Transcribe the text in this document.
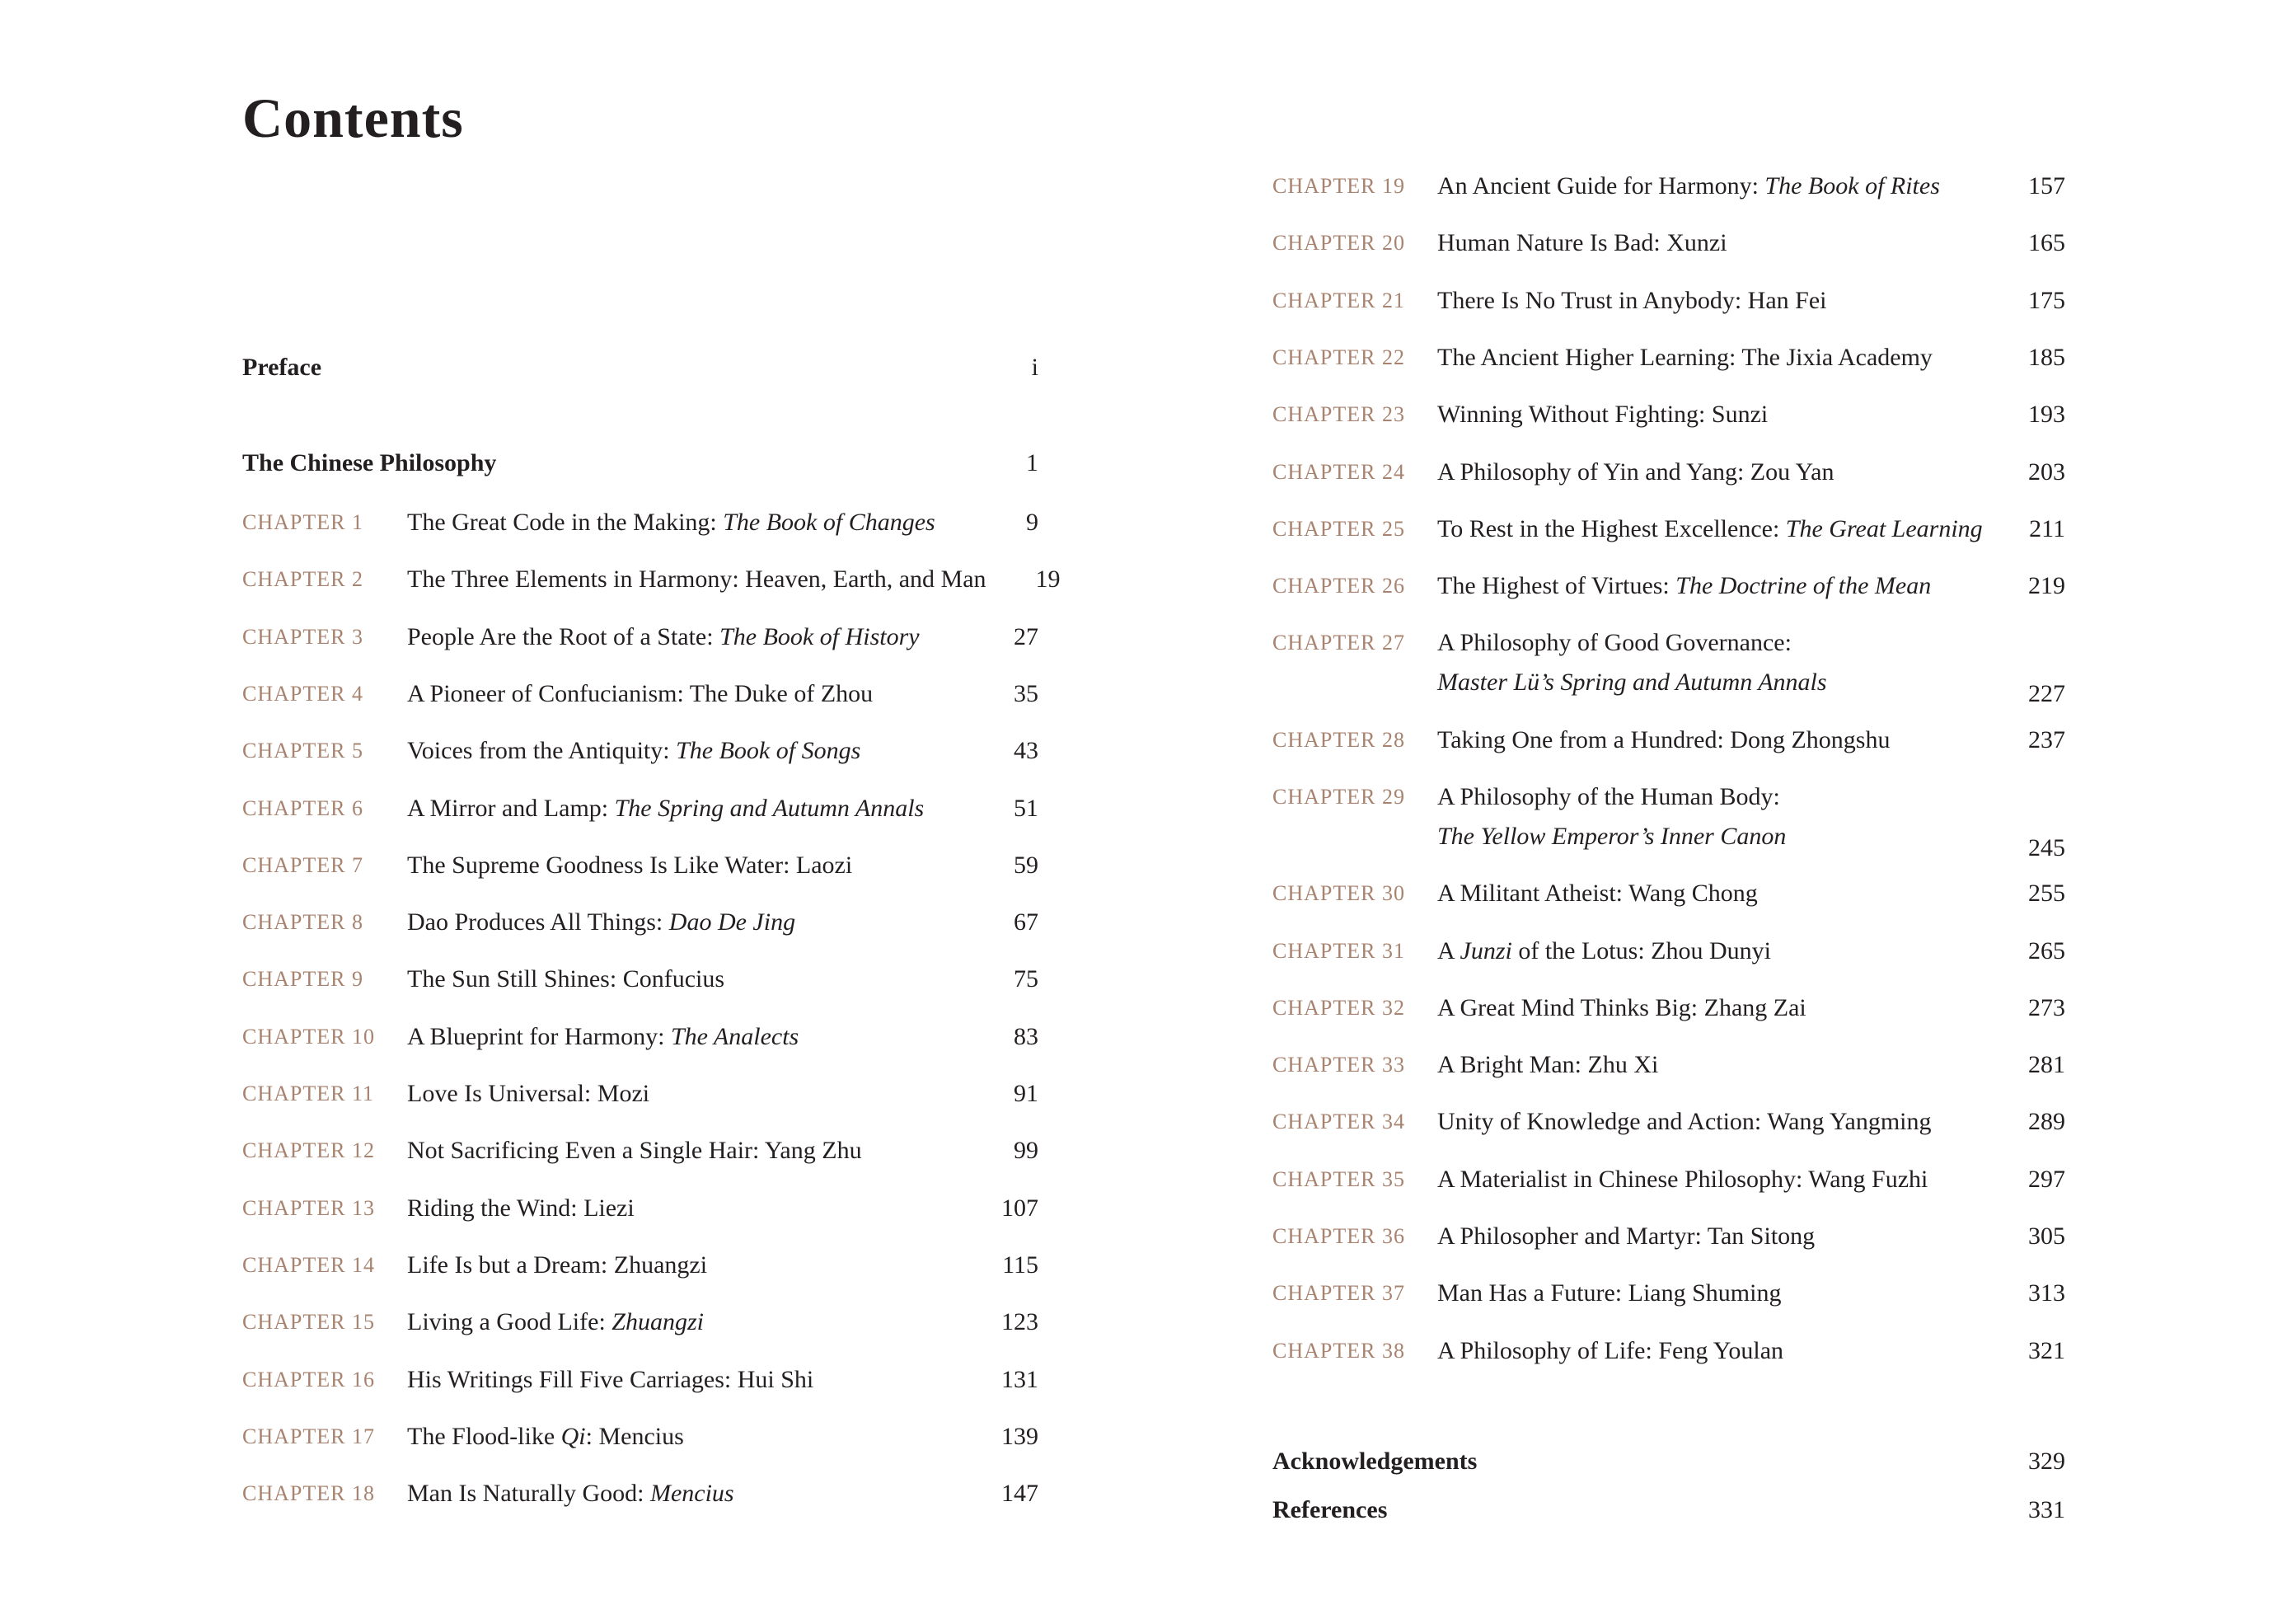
Contents
Preface	i
The Chinese Philosophy	1
CHAPTER 1	The Great Code in the Making: The Book of Changes	9
CHAPTER 2	The Three Elements in Harmony: Heaven, Earth, and Man	19
CHAPTER 3	People Are the Root of a State: The Book of History	27
CHAPTER 4	A Pioneer of Confucianism: The Duke of Zhou	35
CHAPTER 5	Voices from the Antiquity: The Book of Songs	43
CHAPTER 6	A Mirror and Lamp: The Spring and Autumn Annals	51
CHAPTER 7	The Supreme Goodness Is Like Water: Laozi	59
CHAPTER 8	Dao Produces All Things: Dao De Jing	67
CHAPTER 9	The Sun Still Shines: Confucius	75
CHAPTER 10	A Blueprint for Harmony: The Analects	83
CHAPTER 11	Love Is Universal: Mozi	91
CHAPTER 12	Not Sacrificing Even a Single Hair: Yang Zhu	99
CHAPTER 13	Riding the Wind: Liezi	107
CHAPTER 14	Life Is but a Dream: Zhuangzi	115
CHAPTER 15	Living a Good Life: Zhuangzi	123
CHAPTER 16	His Writings Fill Five Carriages: Hui Shi	131
CHAPTER 17	The Flood-like Qi: Mencius	139
CHAPTER 18	Man Is Naturally Good: Mencius	147
CHAPTER 19	An Ancient Guide for Harmony: The Book of Rites	157
CHAPTER 20	Human Nature Is Bad: Xunzi	165
CHAPTER 21	There Is No Trust in Anybody: Han Fei	175
CHAPTER 22	The Ancient Higher Learning: The Jixia Academy	185
CHAPTER 23	Winning Without Fighting: Sunzi	193
CHAPTER 24	A Philosophy of Yin and Yang: Zou Yan	203
CHAPTER 25	To Rest in the Highest Excellence: The Great Learning	211
CHAPTER 26	The Highest of Virtues: The Doctrine of the Mean	219
CHAPTER 27	A Philosophy of Good Governance:
Master Lü’s Spring and Autumn Annals	227
CHAPTER 28	Taking One from a Hundred: Dong Zhongshu	237
CHAPTER 29	A Philosophy of the Human Body:
The Yellow Emperor’s Inner Canon	245
CHAPTER 30	A Militant Atheist: Wang Chong	255
CHAPTER 31	A Junzi of the Lotus: Zhou Dunyi	265
CHAPTER 32	A Great Mind Thinks Big: Zhang Zai	273
CHAPTER 33	A Bright Man: Zhu Xi	281
CHAPTER 34	Unity of Knowledge and Action: Wang Yangming	289
CHAPTER 35	A Materialist in Chinese Philosophy: Wang Fuzhi	297
CHAPTER 36	A Philosopher and Martyr: Tan Sitong	305
CHAPTER 37	Man Has a Future: Liang Shuming	313
CHAPTER 38	A Philosophy of Life: Feng Youlan	321
Acknowledgements	329
References	331
